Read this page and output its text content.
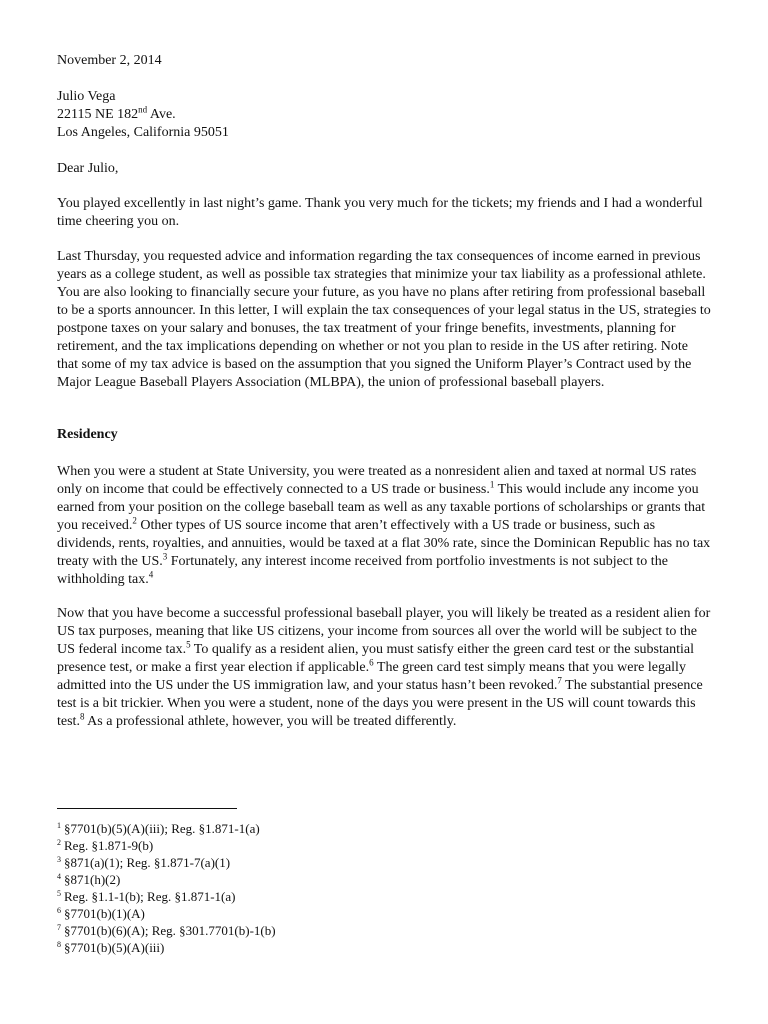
November 2, 2014
Julio Vega
22115 NE 182nd Ave.
Los Angeles, California 95051
Dear Julio,

You played excellently in last night’s game. Thank you very much for the tickets; my friends and I had a wonderful time cheering you on.

Last Thursday, you requested advice and information regarding the tax consequences of income earned in previous years as a college student, as well as possible tax strategies that minimize your tax liability as a professional athlete. You are also looking to financially secure your future, as you have no plans after retiring from professional baseball to be a sports announcer. In this letter, I will explain the tax consequences of your legal status in the US, strategies to postpone taxes on your salary and bonuses, the tax treatment of your fringe benefits, investments, planning for retirement, and the tax implications depending on whether or not you plan to reside in the US after retiring. Note that some of my tax advice is based on the assumption that you signed the Uniform Player’s Contract used by the Major League Baseball Players Association (MLBPA), the union of professional baseball players.

Residency

When you were a student at State University, you were treated as a nonresident alien and taxed at normal US rates only on income that could be effectively connected to a US trade or business.$^1$ This would include any income you earned from your position on the college baseball team as well as any taxable portions of scholarships or grants that you received.$^2$ Other types of US source income that aren’t effectively with a US trade or business, such as dividends, rents, royalties, and annuities, would be taxed at a flat 30% rate, since the Dominican Republic has no tax treaty with the US.$^3$ Fortunately, any interest income received from portfolio investments is not subject to the withholding tax.$^4$

Now that you have become a successful professional baseball player, you will likely be treated as a resident alien for US tax purposes, meaning that like US citizens, your income from sources all over the world will be subject to the US federal income tax.$^5$ To qualify as a resident alien, you must satisfy either the green card test or the substantial presence test, or make a first year election if applicable.$^6$ The green card test simply means that you were legally admitted into the US under the US immigration law, and your status hasn’t been revoked.$^7$ The substantial presence test is a bit trickier. When you were a student, none of the days you were present in the US will count towards this test.$^8$ As a professional athlete, however, you will be treated differently.

$^1$ §7701(b)(5)(A)(iii); Reg. §1.871-1(a)
$^2$ Reg. §1.871-9(b)
$^3$ §871(a)(1); Reg. §1.871-7(a)(1)
$^4$ §871(h)(2)
$^5$ Reg. §1.1-1(b); Reg. §1.871-1(a)
$^6$ §7701(b)(1)(A)
$^7$ §7701(b)(6)(A); Reg. §301.7701(b)-1(b)
$^8$ §7701(b)(5)(A)(iii)
